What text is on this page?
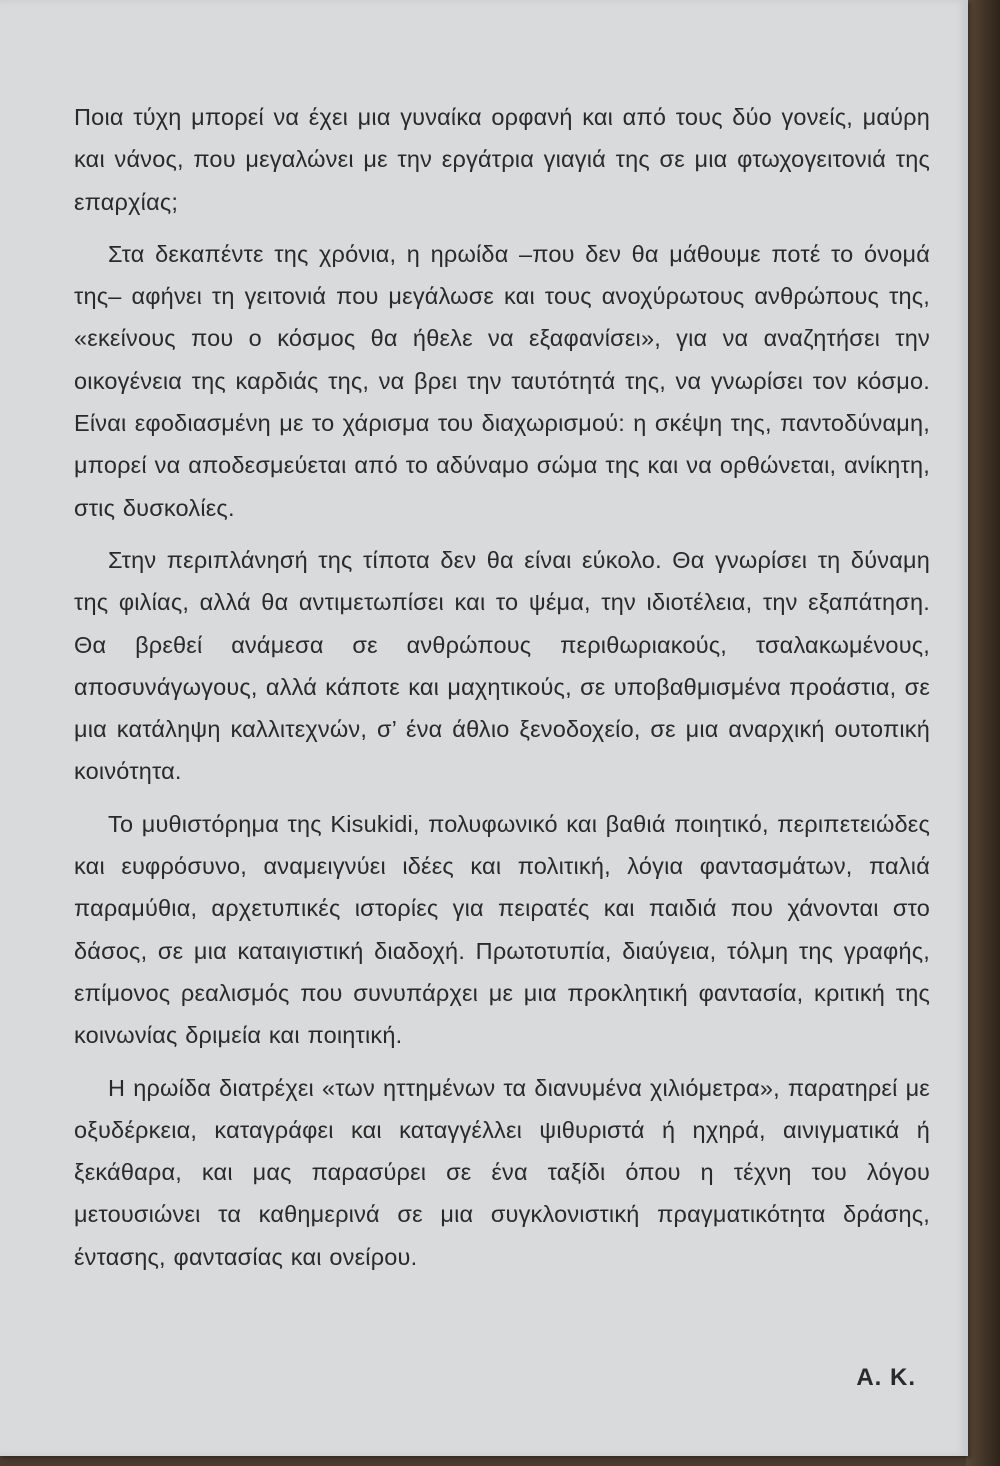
Ποια τύχη μπορεί να έχει μια γυναίκα ορφανή και από τους δύο γονείς, μαύρη και νάνος, που μεγαλώνει με την εργάτρια γιαγιά της σε μια φτωχογειτονιά της επαρχίας;

Στα δεκαπέντε της χρόνια, η ηρωίδα –που δεν θα μάθουμε ποτέ το όνομά της– αφήνει τη γειτονιά που μεγάλωσε και τους ανοχύρωτους ανθρώπους της, «εκείνους που ο κόσμος θα ήθελε να εξαφανίσει», για να αναζητήσει την οικογένεια της καρδιάς της, να βρει την ταυτότητά της, να γνωρίσει τον κόσμο. Είναι εφοδιασμένη με το χάρισμα του διαχωρισμού: η σκέψη της, παντοδύναμη, μπορεί να αποδεσμεύεται από το αδύναμο σώμα της και να ορθώνεται, ανίκητη, στις δυσκολίες.

Στην περιπλάνησή της τίποτα δεν θα είναι εύκολο. Θα γνωρίσει τη δύναμη της φιλίας, αλλά θα αντιμετωπίσει και το ψέμα, την ιδιοτέλεια, την εξαπάτηση. Θα βρεθεί ανάμεσα σε ανθρώπους περιθωριακούς, τσαλακωμένους, αποσυνάγωγους, αλλά κάποτε και μαχητικούς, σε υποβαθμισμένα προάστια, σε μια κατάληψη καλλιτεχνών, σ’ ένα άθλιο ξενοδοχείο, σε μια αναρχική ουτοπική κοινότητα.

Το μυθιστόρημα της Kisukidi, πολυφωνικό και βαθιά ποιητικό, περιπετειώδες και ευφρόσυνο, αναμειγνύει ιδέες και πολιτική, λόγια φαντασμάτων, παλιά παραμύθια, αρχετυπικές ιστορίες για πειρατές και παιδιά που χάνονται στο δάσος, σε μια καταιγιστική διαδοχή. Πρωτοτυπία, διαύγεια, τόλμη της γραφής, επίμονος ρεαλισμός που συνυπάρχει με μια προκλητική φαντασία, κριτική της κοινωνίας δριμεία και ποιητική.

Η ηρωίδα διατρέχει «των ηττημένων τα διανυμένα χιλιόμετρα», παρατηρεί με οξυδέρκεια, καταγράφει και καταγγέλλει ψιθυριστά ή ηχηρά, αινιγματικά ή ξεκάθαρα, και μας παρασύρει σε ένα ταξίδι όπου η τέχνη του λόγου μετουσιώνει τα καθημερινά σε μια συγκλονιστική πραγματικότητα δράσης, έντασης, φαντασίας και ονείρου.

Α. Κ.
